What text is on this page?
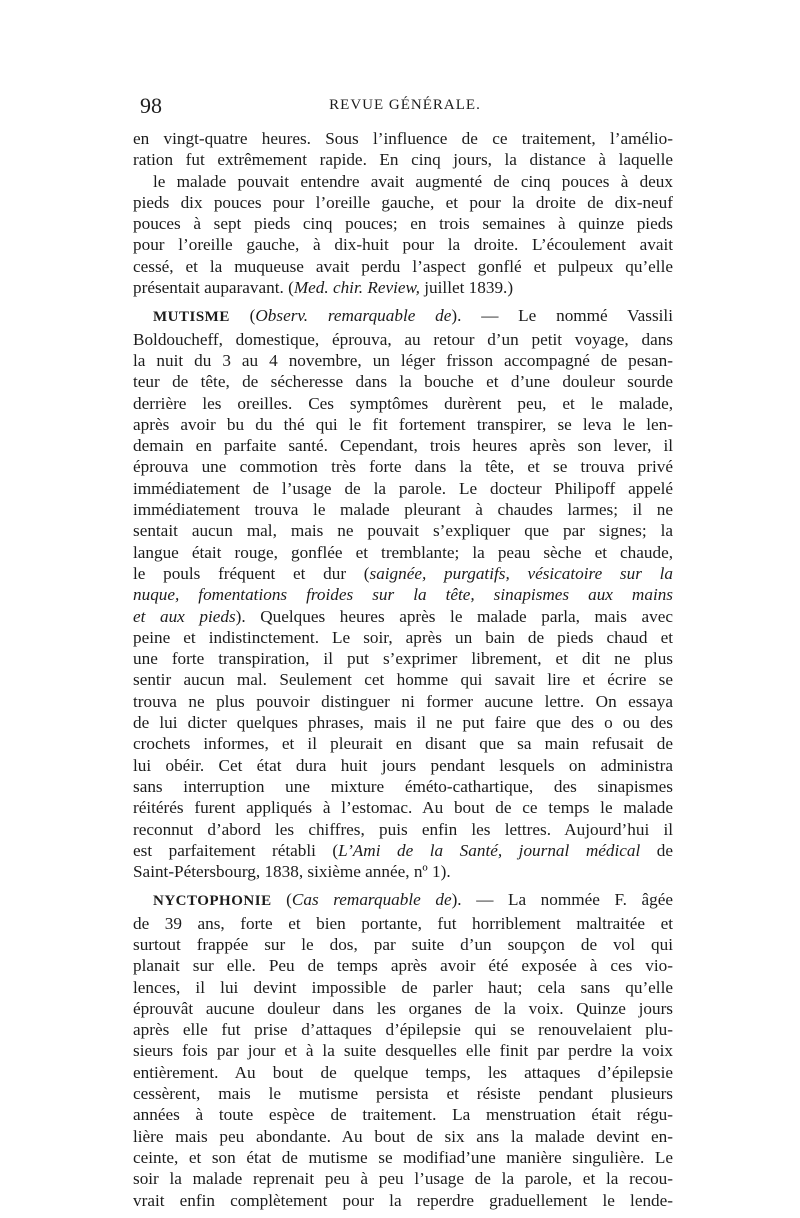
98	REVUE GÉNÉRALE.
en vingt-quatre heures. Sous l’influence de ce traitement, l’amélio-
ration fut extrêmement rapide. En cinq jours, la distance à laquelle
le malade pouvait entendre avait augmenté de cinq pouces à deux
pieds dix pouces pour l’oreille gauche, et pour la droite de dix-neuf
pouces à sept pieds cinq pouces; en trois semaines à quinze pieds
pour l’oreille gauche, à dix-huit pour la droite. L’écoulement avait
cessé, et la muqueuse avait perdu l’aspect gonflé et pulpeux qu’elle
présentait auparavant. (Med. chir. Review, juillet 1839.)
MUTISME (Observ. remarquable de). — Le nommé Vassili
Boldoucheff, domestique, éprouva, au retour d’un petit voyage, dans
la nuit du 3 au 4 novembre, un léger frisson accompagné de pesan-
teur de tête, de sécheresse dans la bouche et d’une douleur sourde
derrière les oreilles. Ces symptômes durèrent peu, et le malade,
après avoir bu du thé qui le fit fortement transpirer, se leva le len-
demain en parfaite santé. Cependant, trois heures après son lever, il
éprouva une commotion très forte dans la tête, et se trouva privé
immédiatement de l’usage de la parole. Le docteur Philipoff appelé
immédiatement trouva le malade pleurant à chaudes larmes; il ne
sentait aucun mal, mais ne pouvait s’expliquer que par signes; la
langue était rouge, gonflée et tremblante; la peau sèche et chaude,
le pouls fréquent et dur (saignée, purgatifs, vésicatoire sur la
nuque, fomentations froides sur la tête, sinapismes aux mains
et aux pieds). Quelques heures après le malade parla, mais avec
peine et indistinctement. Le soir, après un bain de pieds chaud et
une forte transpiration, il put s’exprimer librement, et dit ne plus
sentir aucun mal. Seulement cet homme qui savait lire et écrire se
trouva ne plus pouvoir distinguer ni former aucune lettre. On essaya
de lui dicter quelques phrases, mais il ne put faire que des o ou des
crochets informes, et il pleurait en disant que sa main refusait de
lui obéir. Cet état dura huit jours pendant lesquels on administra
sans interruption une mixture éméto-cathartique, des sinapismes
réitérés furent appliqués à l’estomac. Au bout de ce temps le malade
reconnut d’abord les chiffres, puis enfin les lettres. Aujourd’hui il
est parfaitement rétabli (L’Ami de la Santé, journal médical de
Saint-Pétersbourg, 1838, sixième année, nº 1).
NYCTOPHONIE (Cas remarquable de). — La nommée F. âgée
de 39 ans, forte et bien portante, fut horriblement maltraitée et
surtout frappée sur le dos, par suite d’un soupçon de vol qui
planait sur elle. Peu de temps après avoir été exposée à ces vio-
lences, il lui devint impossible de parler haut; cela sans qu’elle
éprouvât aucune douleur dans les organes de la voix. Quinze jours
après elle fut prise d’attaques d’épilepsie qui se renouvelaient plu-
sieurs fois par jour et à la suite desquelles elle finit par perdre la voix
entièrement. Au bout de quelque temps, les attaques d’épilepsie
cessèrent, mais le mutisme persista et résiste pendant plusieurs
années à toute espèce de traitement. La menstruation était régu-
lière mais peu abondante. Au bout de six ans la malade devint en-
ceinte, et son état de mutisme se modifiad’une manière singulière. Le
soir la malade reprenait peu à peu l’usage de la parole, et la recou-
vrait enfin complètement pour la reperdre graduellement le lende-
